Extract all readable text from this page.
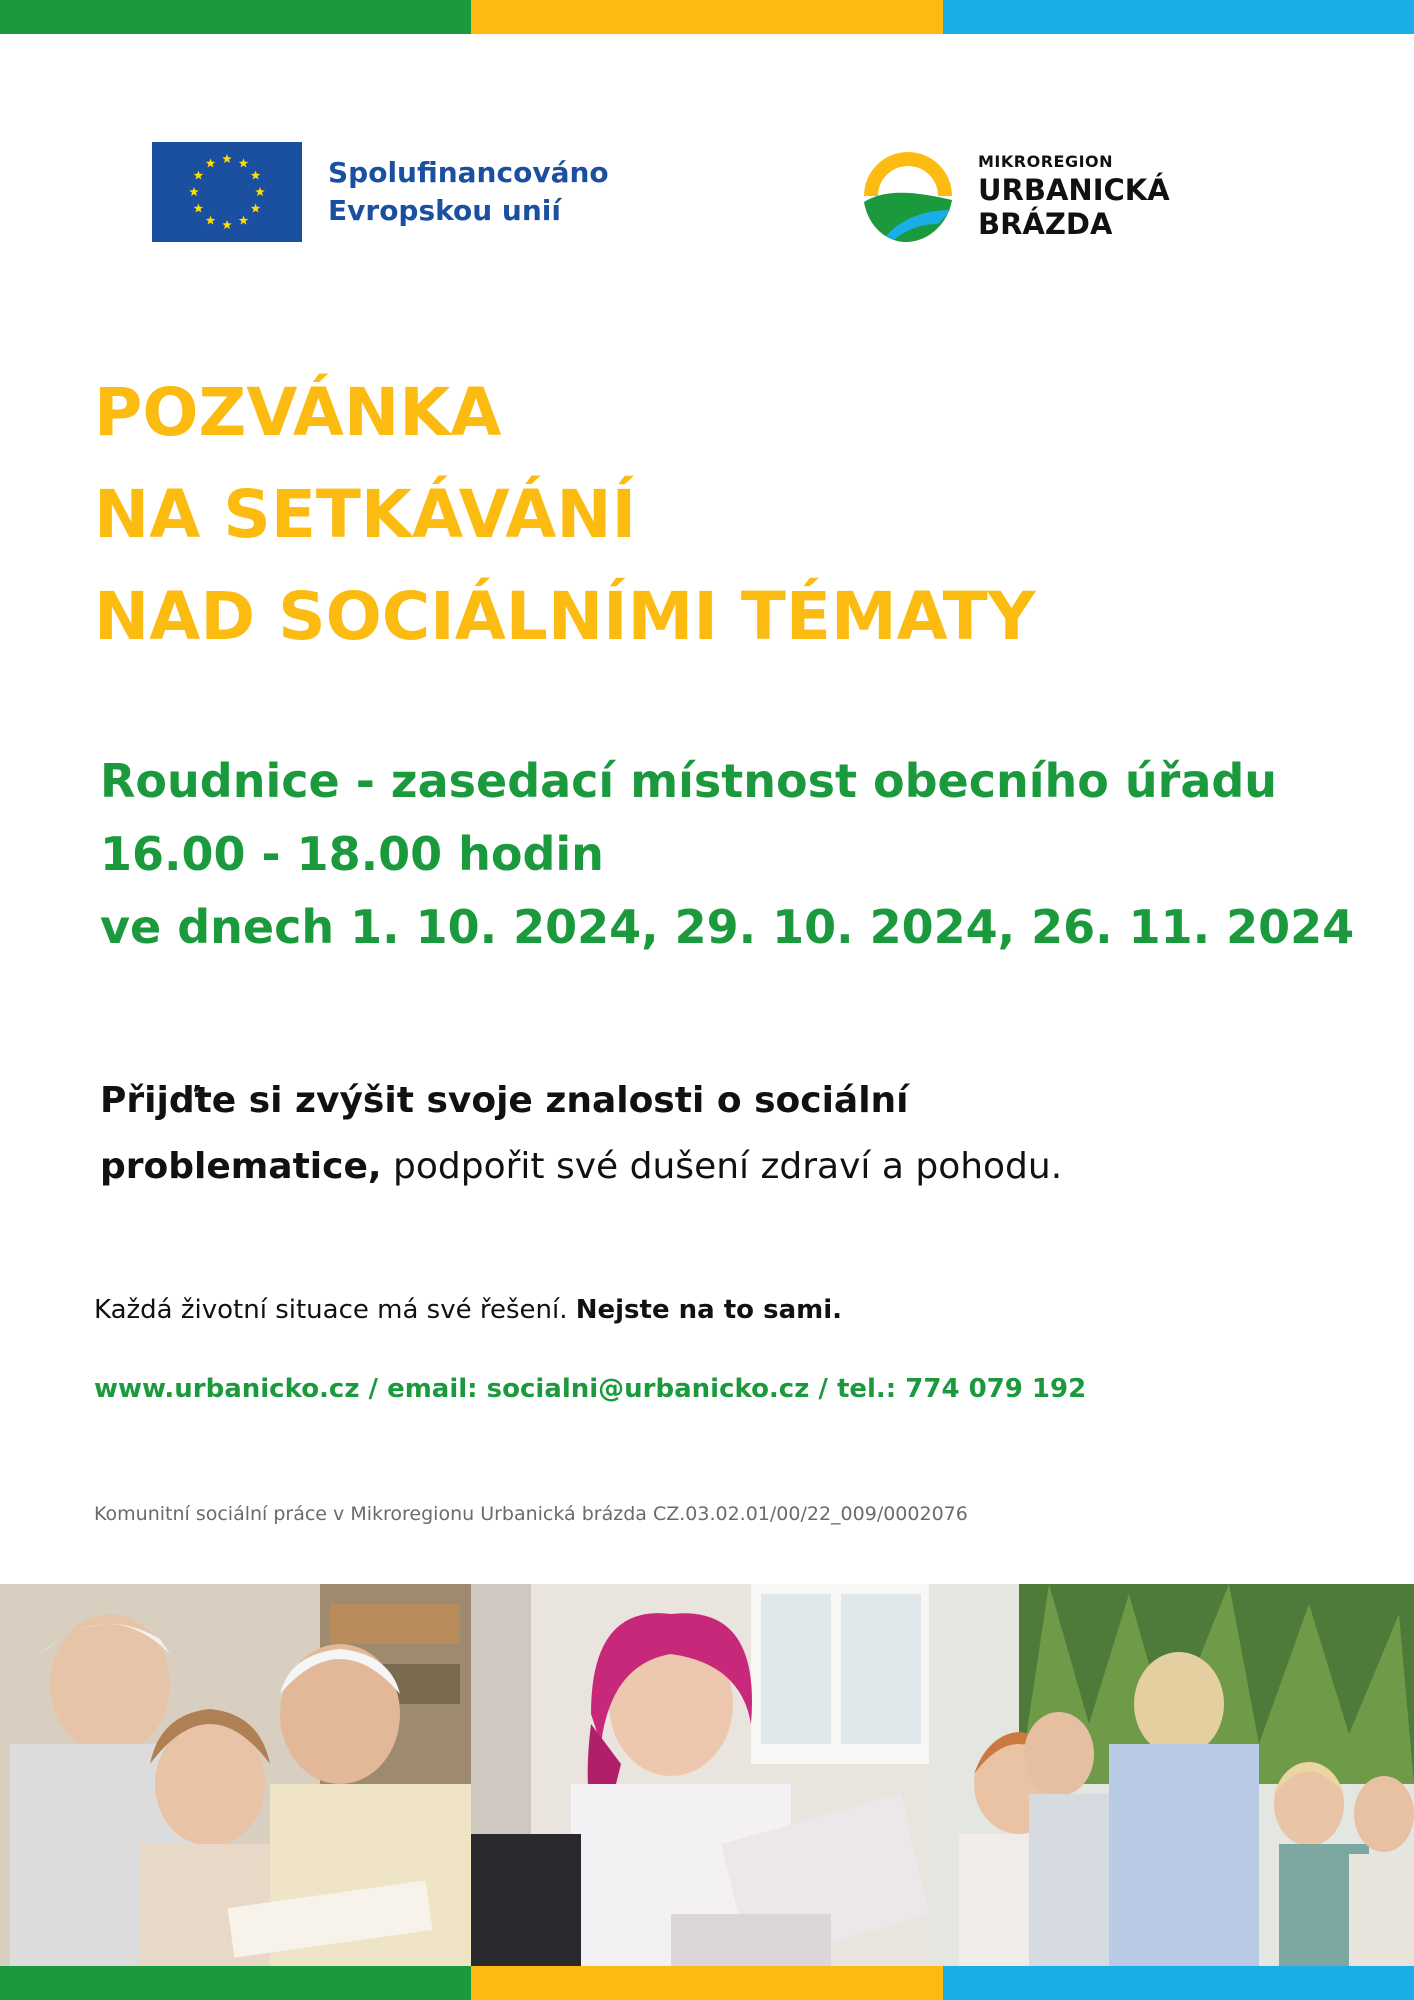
Spolufinancováno
Evropskou unií
MIKROREGION
URBANICKÁ
BRÁZDA
POZVÁNKA
NA SETKÁVÁNÍ
NAD SOCIÁLNÍMI TÉMATY
Roudnice - zasedací místnost obecního úřadu
16.00 - 18.00 hodin
ve dnech 1. 10. 2024, 29. 10. 2024, 26. 11. 2024
Přijďte si zvýšit svoje znalosti o sociální
problematice, podpořit své dušení zdraví a pohodu.
Každá životní situace má své řešení. Nejste na to sami.
www.urbanicko.cz / email: socialni@urbanicko.cz / tel.: 774 079 192
Komunitní sociální práce v Mikroregionu Urbanická brázda CZ.03.02.01/00/22_009/0002076
